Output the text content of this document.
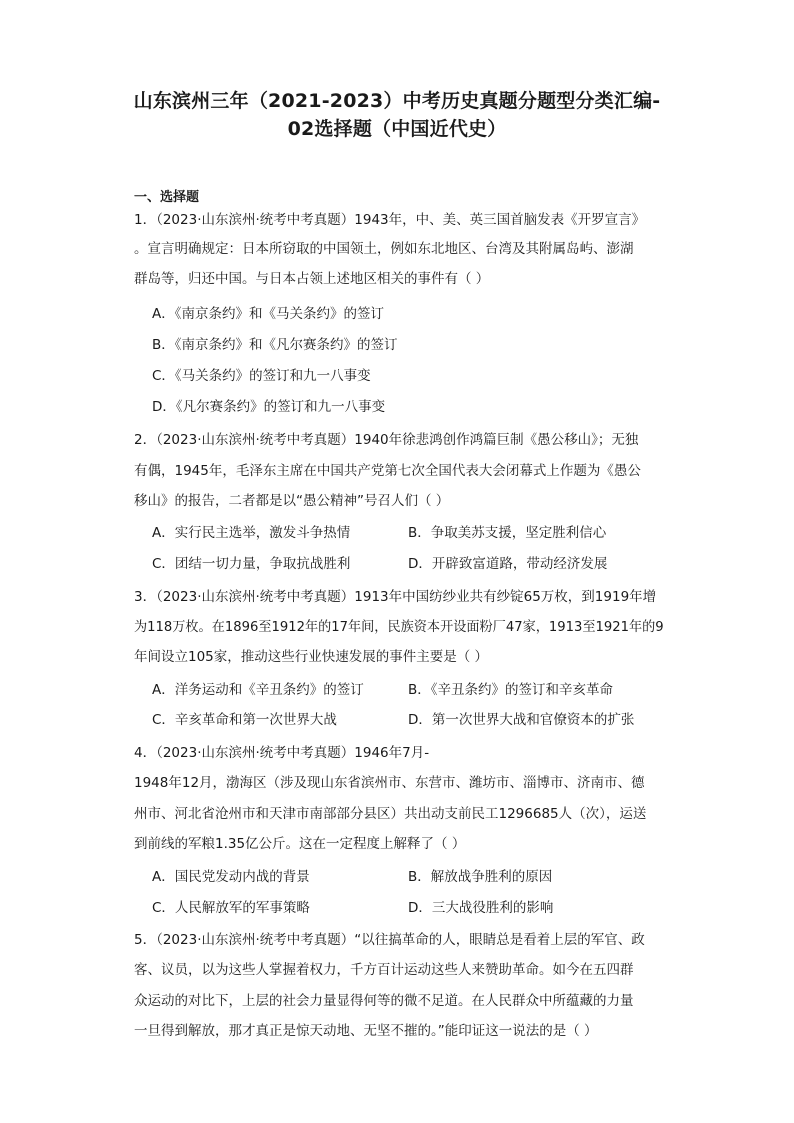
山东滨州三年（2021-2023）中考历史真题分题型分类汇编-
02选择题（中国近代史）
一、选择题
1．（2023·山东滨州·统考中考真题）1943年，中、美、英三国首脑发表《开罗宣言》
。宣言明确规定：日本所窃取的中国领土，例如东北地区、台湾及其附属岛屿、澎湖
群岛等，归还中国。与日本占领上述地区相关的事件有（ ）
A．《南京条约》和《马关条约》的签订
B．《南京条约》和《凡尔赛条约》的签订
C．《马关条约》的签订和九一八事变
D．《凡尔赛条约》的签订和九一八事变
2．（2023·山东滨州·统考中考真题）1940年徐悲鸿创作鸿篇巨制《愚公移山》；无独
有偶，1945年，毛泽东主席在中国共产党第七次全国代表大会闭幕式上作题为《愚公
移山》的报告，二者都是以“愚公精神”号召人们（ ）
A．实行民主选举，激发斗争热情	B．争取美苏支援，坚定胜利信心
C．团结一切力量，争取抗战胜利	D．开辟致富道路，带动经济发展
3．（2023·山东滨州·统考中考真题）1913年中国纺纱业共有纱锭65万枚，到1919年增
为118万枚。在1896至1912年的17年间，民族资本开设面粉厂47家，1913至1921年的9
年间设立105家，推动这些行业快速发展的事件主要是（ ）
A．洋务运动和《辛丑条约》的签订	B．《辛丑条约》的签订和辛亥革命
C．辛亥革命和第一次世界大战	D．第一次世界大战和官僚资本的扩张
4．（2023·山东滨州·统考中考真题）1946年7月-
1948年12月，渤海区（涉及现山东省滨州市、东营市、潍坊市、淄博市、济南市、德
州市、河北省沧州市和天津市南部部分县区）共出动支前民工1296685人（次），运送
到前线的军粮1.35亿公斤。这在一定程度上解释了（ ）
A．国民党发动内战的背景	B．解放战争胜利的原因
C．人民解放军的军事策略	D．三大战役胜利的影响
5．（2023·山东滨州·统考中考真题）“以往搞革命的人，眼睛总是看着上层的军官、政
客、议员，以为这些人掌握着权力，千方百计运动这些人来赞助革命。如今在五四群
众运动的对比下，上层的社会力量显得何等的微不足道。在人民群众中所蕴藏的力量
一旦得到解放，那才真正是惊天动地、无坚不摧的。”能印证这一说法的是（ ）
